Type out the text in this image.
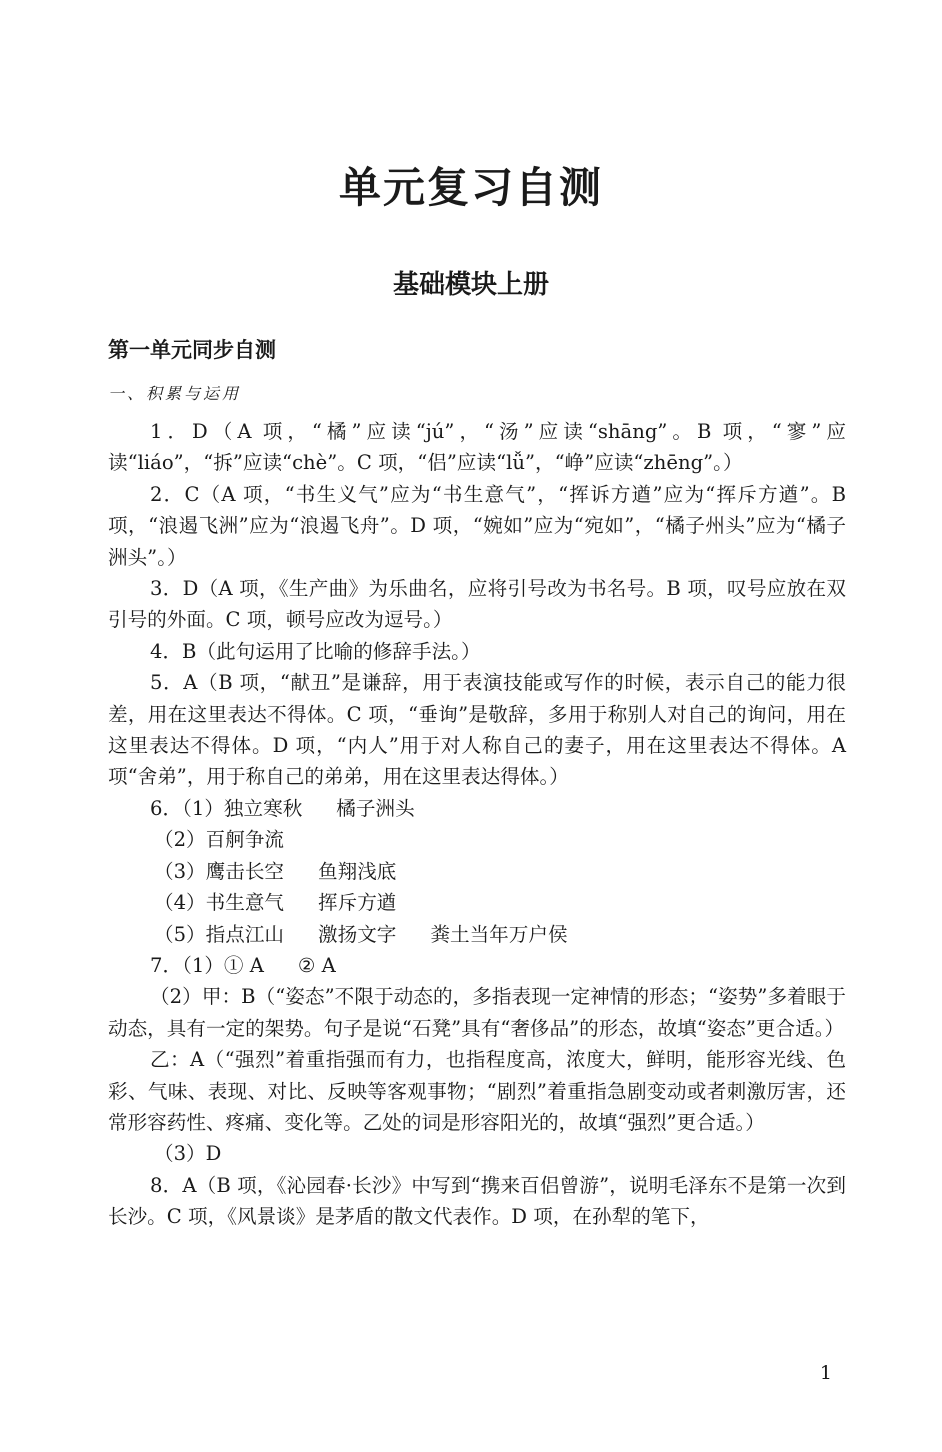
单元复习自测
基础模块上册
第一单元同步自测
一、积累与运用

1．D（A 项，“橘”应读“jú”，“汤”应读“shāng”。B 项，“寥”应读“liáo”，“拆”应读“chè”。C 项，“侣”应读“lǚ”，“峥”应读“zhēng”。）

2．C（A 项，“书生义气”应为“书生意气”，“挥诉方遒”应为“挥斥方遒”。B 项，“浪遏飞洲”应为“浪遏飞舟”。D 项，“婉如”应为“宛如”，“橘子州头”应为“橘子洲头”。）

3．D（A 项，《生产曲》为乐曲名，应将引号改为书名号。B 项，叹号应放在双引号的外面。C 项，顿号应改为逗号。）

4．B（此句运用了比喻的修辞手法。）

5．A（B 项，“献丑”是谦辞，用于表演技能或写作的时候，表示自己的能力很差，用在这里表达不得体。C 项，“垂询”是敬辞，多用于称别人对自己的询问，用在这里表达不得体。D 项，“内人”用于对人称自己的妻子，用在这里表达不得体。A 项“舍弟”，用于称自己的弟弟，用在这里表达得体。）

6．（1）独立寒秋 橘子洲头

（2）百舸争流

（3）鹰击长空 鱼翔浅底

（4）书生意气 挥斥方遒

（5）指点江山 激扬文字 粪土当年万户侯

7．（1）① A ② A

（2）甲：B（“姿态”不限于动态的，多指表现一定神情的形态；“姿势”多着眼于动态，具有一定的架势。句子是说“石凳”具有“奢侈品”的形态，故填“姿态”更合适。）

乙：A（“强烈”着重指强而有力，也指程度高，浓度大，鲜明，能形容光线、色彩、气味、表现、对比、反映等客观事物；“剧烈”着重指急剧变动或者刺激厉害，还常形容药性、疼痛、变化等。乙处的词是形容阳光的，故填“强烈”更合适。）

（3）D

8．A（B 项，《沁园春·长沙》中写到“携来百侣曾游”，说明毛泽东不是第一次到长沙。C 项，《风景谈》是茅盾的散文代表作。D 项，在孙犁的笔下，

1
